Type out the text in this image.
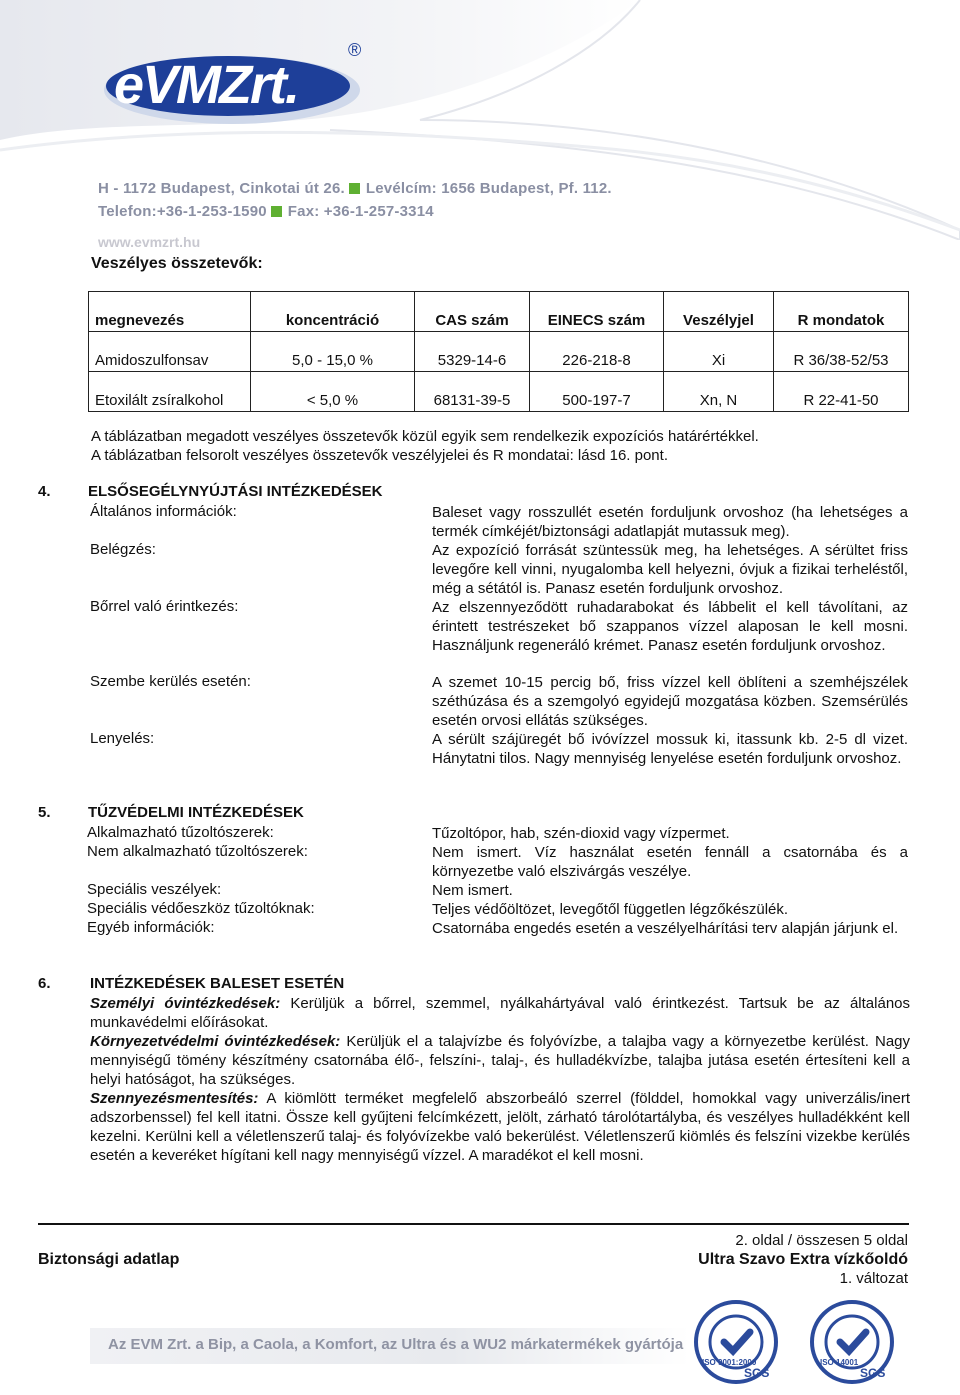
eVMZrt.
®
H - 1172 Budapest, Cinkotai út 26. Levélcím: 1656 Budapest, Pf. 112.
Telefon:+36-1-253-1590 Fax: +36-1-257-3314
www.evmzrt.hu
Veszélyes összetevők:
megnevezés	koncentráció	CAS szám	EINECS szám	Veszélyjel	R mondatok
Amidoszulfonsav	5,0 - 15,0 %	5329-14-6	226-218-8	Xi	R 36/38-52/53
Etoxilált zsíralkohol	< 5,0 %	68131-39-5	500-197-7	Xn, N	R 22-41-50
A táblázatban megadott veszélyes összetevők közül egyik sem rendelkezik expozíciós határértékkel.
A táblázatban felsorolt veszélyes összetevők veszélyjelei és R mondatai: lásd 16. pont.
4. ELSŐSEGÉLYNYÚJTÁSI INTÉZKEDÉSEK
Általános információk:	Baleset vagy rosszullét esetén forduljunk orvoshoz (ha lehetséges a termék címkéjét/biztonsági adatlapját mutassuk meg).
Belégzés:	Az expozíció forrását szüntessük meg, ha lehetséges. A sérültet friss levegőre kell vinni, nyugalomba kell helyezni, óvjuk a fizikai terheléstől, még a sétától is. Panasz esetén forduljunk orvoshoz.
Bőrrel való érintkezés:	Az elszennyeződött ruhadarabokat és lábbelit el kell távolítani, az érintett testrészeket bő szappanos vízzel alaposan le kell mosni. Használjunk regeneráló krémet. Panasz esetén forduljunk orvoshoz.
Szembe kerülés esetén:	A szemet 10-15 percig bő, friss vízzel kell öblíteni a szemhéjszélek széthúzása és a szemgolyó egyidejű mozgatása közben. Szemsérülés esetén orvosi ellátás szükséges.
Lenyelés:	A sérült szájüregét bő ivóvízzel mossuk ki, itassunk kb. 2-5 dl vizet. Hánytatni tilos. Nagy mennyiség lenyelése esetén forduljunk orvoshoz.
5. TŰZVÉDELMI INTÉZKEDÉSEK
Alkalmazható tűzoltószerek:	Tűzoltópor, hab, szén-dioxid vagy vízpermet.
Nem alkalmazható tűzoltószerek:	Nem ismert. Víz használat esetén fennáll a csatornába és a környezetbe való elszivárgás veszélye.
Speciális veszélyek:	Nem ismert.
Speciális védőeszköz tűzoltóknak:	Teljes védőöltözet, levegőtől független légzőkészülék.
Egyéb információk:	Csatornába engedés esetén a veszélyelhárítási terv alapján járjunk el.
6.	INTÉZKEDÉSEK BALESET ESETÉN
Személyi óvintézkedések: Kerüljük a bőrrel, szemmel, nyálkahártyával való érintkezést. Tartsuk be az általános munkavédelmi előírásokat.
Környezetvédelmi óvintézkedések: Kerüljük el a talajvízbe és folyóvízbe, a talajba vagy a környezetbe kerülést. Nagy mennyiségű tömény készítmény csatornába élő-, felszíni-, talaj-, és hulladékvízbe, talajba jutása esetén értesíteni kell a helyi hatóságot, ha szükséges.
Szennyezésmentesítés: A kiömlött terméket megfelelő abszorbeáló szerrel (földdel, homokkal vagy univerzális/inert adszorbenssel) fel kell itatni. Össze kell gyűjteni felcímkézett, jelölt, zárható tárolótartályba, és veszélyes hulladékként kell kezelni. Kerülni kell a véletlenszerű talaj- és folyóvízekbe való bekerülést. Véletlenszerű kiömlés és felszíni vizekbe kerülés esetén a keveréket hígítani kell nagy mennyiségű vízzel. A maradékot el kell mosni.
Biztonsági adatlap
2. oldal / összesen 5 oldal
Ultra Szavo Extra vízkőoldó
1. változat
Az EVM Zrt. a Bip, a Caola, a Komfort, az Ultra és a WU2 márkatermékek gyártója
ISO 9001:2000
SGS
ISO 14001
SGS
